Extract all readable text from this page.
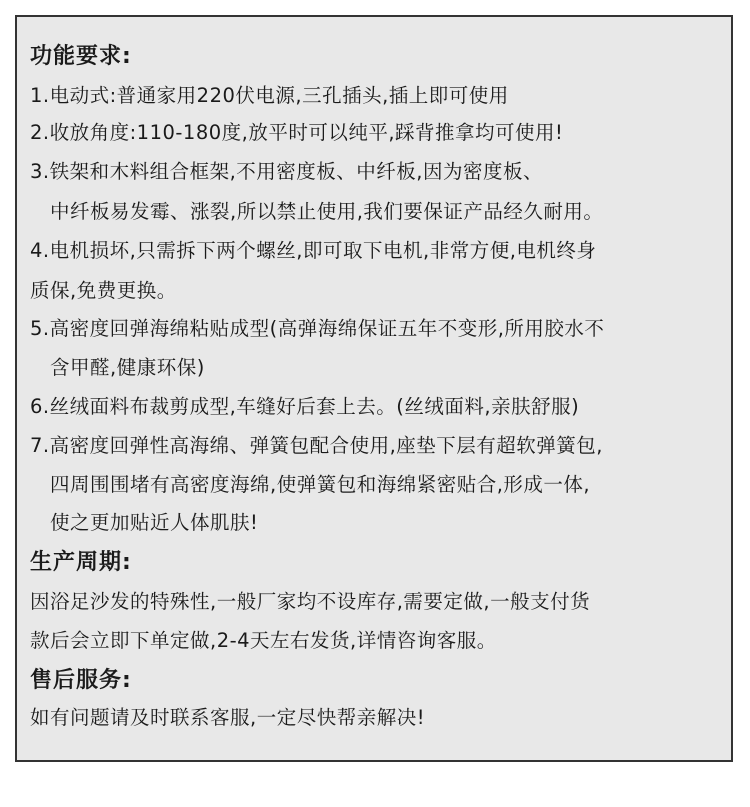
功能要求:
1.电动式:普通家用220伏电源,三孔插头,插上即可使用
2.收放角度:110-180度,放平时可以纯平,踩背推拿均可使用!
3.铁架和木料组合框架,不用密度板、中纤板,因为密度板、
中纤板易发霉、涨裂,所以禁止使用,我们要保证产品经久耐用。
4.电机损坏,只需拆下两个螺丝,即可取下电机,非常方便,电机终身
质保,免费更换。
5.高密度回弹海绵粘贴成型(高弹海绵保证五年不变形,所用胶水不
含甲醛,健康环保)
6.丝绒面料布裁剪成型,车缝好后套上去。(丝绒面料,亲肤舒服)
7.高密度回弹性高海绵、弹簧包配合使用,座垫下层有超软弹簧包,
四周围围堵有高密度海绵,使弹簧包和海绵紧密贴合,形成一体,
使之更加贴近人体肌肤!
生产周期:
因浴足沙发的特殊性,一般厂家均不设库存,需要定做,一般支付货
款后会立即下单定做,2-4天左右发货,详情咨询客服。
售后服务:
如有问题请及时联系客服,一定尽快帮亲解决!
